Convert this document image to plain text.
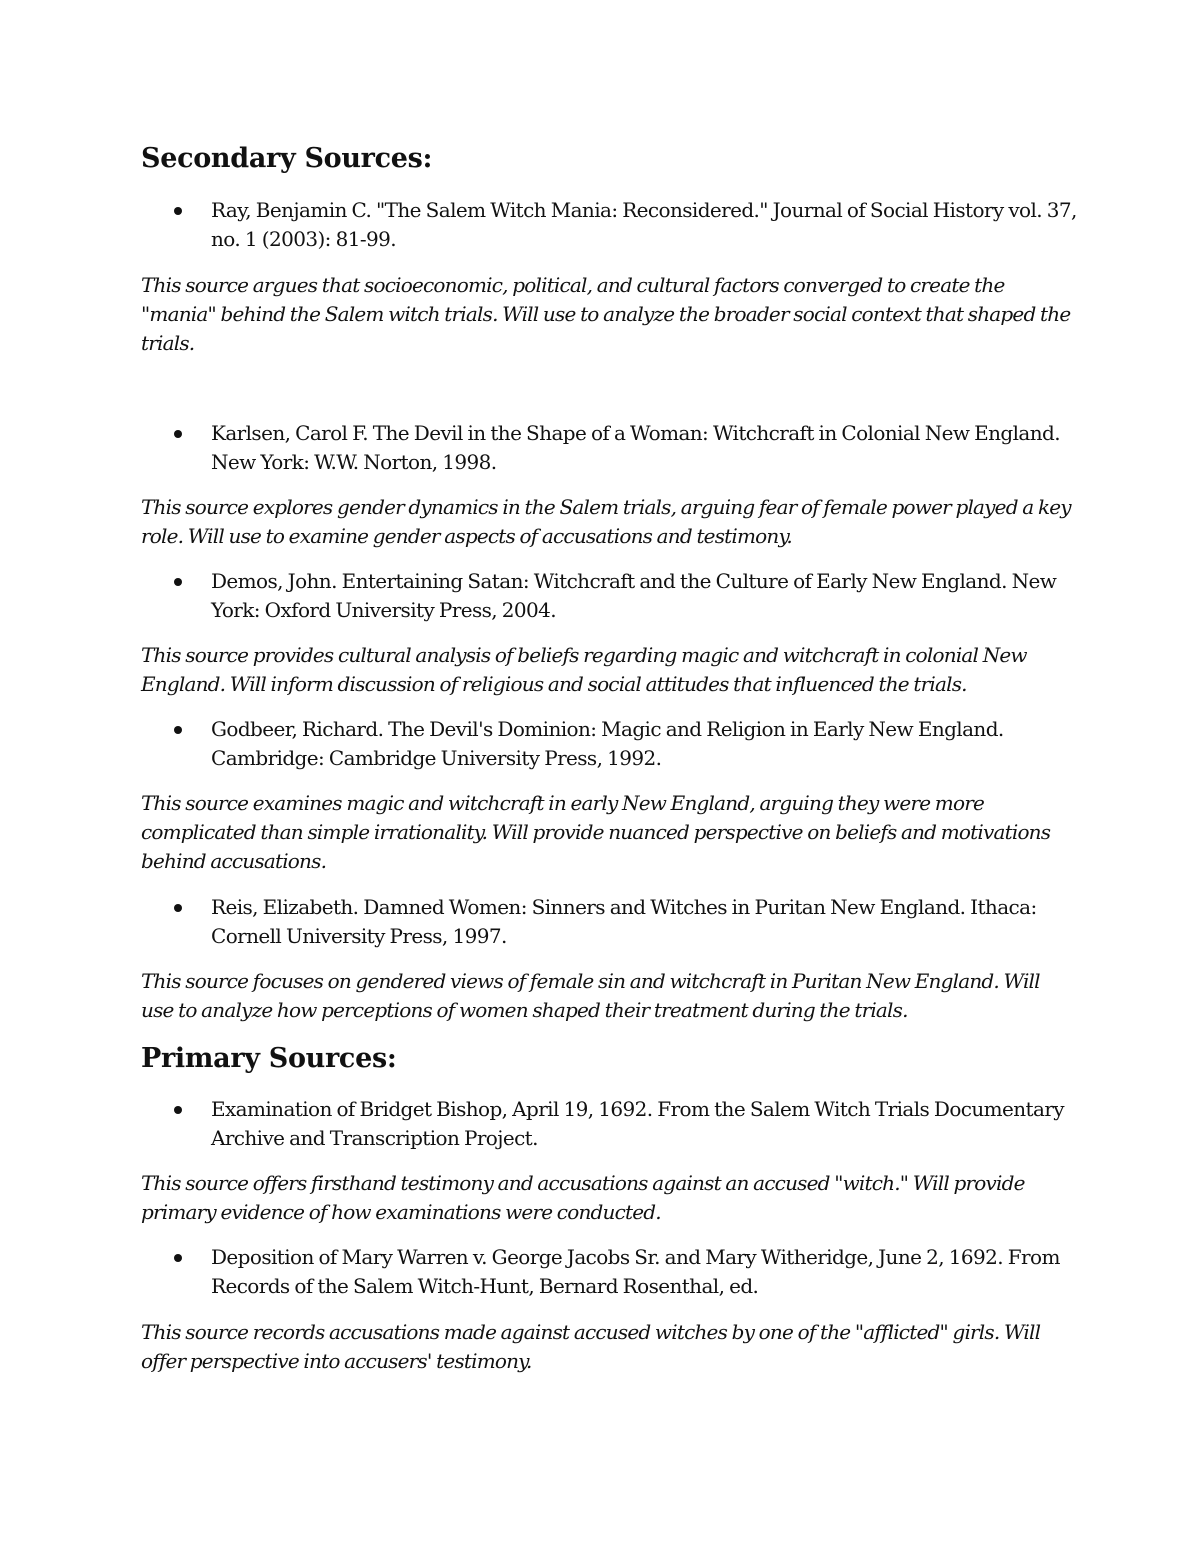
Secondary Sources:
Ray, Benjamin C. "The Salem Witch Mania: Reconsidered." Journal of Social History vol. 37, no. 1 (2003): 81-99.

This source argues that socioeconomic, political, and cultural factors converged to create the "mania" behind the Salem witch trials. Will use to analyze the broader social context that shaped the trials.

Karlsen, Carol F. The Devil in the Shape of a Woman: Witchcraft in Colonial New England. New York: W.W. Norton, 1998.

This source explores gender dynamics in the Salem trials, arguing fear of female power played a key role. Will use to examine gender aspects of accusations and testimony.

Demos, John. Entertaining Satan: Witchcraft and the Culture of Early New England. New York: Oxford University Press, 2004.

This source provides cultural analysis of beliefs regarding magic and witchcraft in colonial New England. Will inform discussion of religious and social attitudes that influenced the trials.

Godbeer, Richard. The Devil's Dominion: Magic and Religion in Early New England. Cambridge: Cambridge University Press, 1992.

This source examines magic and witchcraft in early New England, arguing they were more complicated than simple irrationality. Will provide nuanced perspective on beliefs and motivations behind accusations.

Reis, Elizabeth. Damned Women: Sinners and Witches in Puritan New England. Ithaca: Cornell University Press, 1997.

This source focuses on gendered views of female sin and witchcraft in Puritan New England. Will use to analyze how perceptions of women shaped their treatment during the trials.

Primary Sources:
Examination of Bridget Bishop, April 19, 1692. From the Salem Witch Trials Documentary Archive and Transcription Project.

This source offers firsthand testimony and accusations against an accused "witch." Will provide primary evidence of how examinations were conducted.

Deposition of Mary Warren v. George Jacobs Sr. and Mary Witheridge, June 2, 1692. From Records of the Salem Witch-Hunt, Bernard Rosenthal, ed.

This source records accusations made against accused witches by one of the "afflicted" girls. Will offer perspective into accusers' testimony.
